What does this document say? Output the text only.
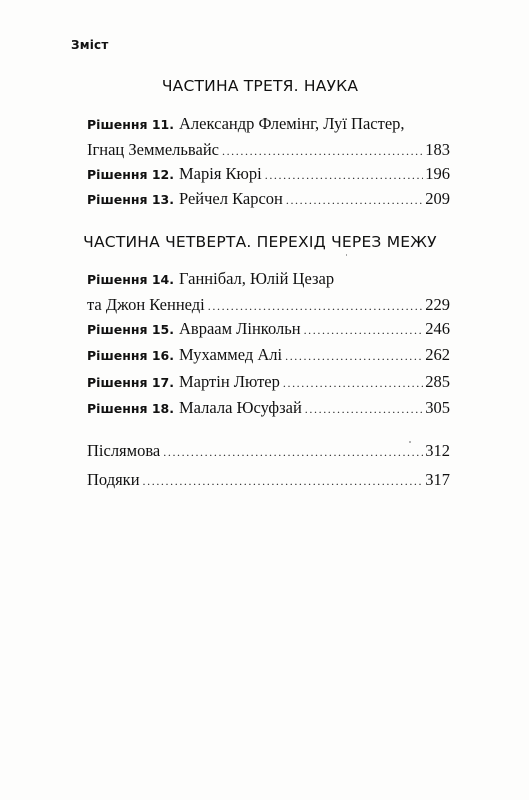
Зміст
ЧАСТИНА ТРЕТЯ. НАУКА
Рішення 11. Александр Флемінг, Луї Пастер,
Ігнац Земмельвайс .....	183
Рішення 12. Марія Кюрі .....	196
Рішення 13. Рейчел Карсон .....	209
ЧАСТИНА ЧЕТВЕРТА. ПЕРЕХІД ЧЕРЕЗ МЕЖУ
Рішення 14. Ганнібал, Юлій Цезар
та Джон Кеннеді .....	229
Рішення 15. Авраам Лінкольн .....	246
Рішення 16. Мухаммед Алі .....	262
Рішення 17. Мартін Лютер .....	285
Рішення 18. Малала Юсуфзай .....	305
Післямова .....	312
Подяки .....	317
